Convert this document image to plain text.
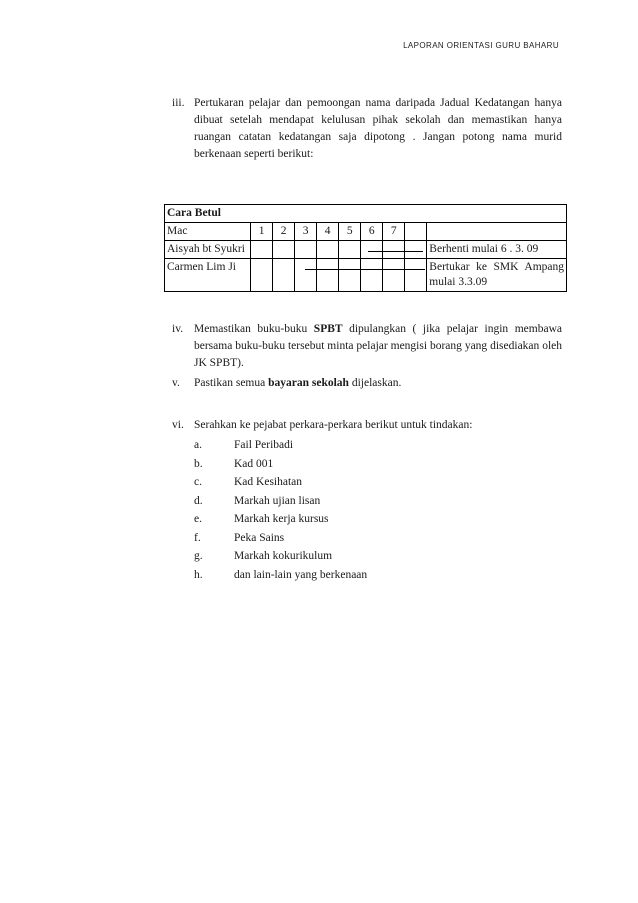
LAPORAN ORIENTASI GURU BAHARU
iii. Pertukaran pelajar dan pemoongan nama daripada Jadual Kedatangan hanya dibuat setelah mendapat kelulusan pihak sekolah dan memastikan hanya ruangan catatan kedatangan saja dipotong . Jangan potong nama murid berkenaan seperti berikut:
Cara Betul									
Mac	1	2	3	4	5	6	7		
Aisyah bt Syukri									Berhenti mulai 6 . 3. 09
Carmen Lim Ji									Bertukar ke SMK Ampang mulai 3.3.09
iv. Memastikan buku-buku SPBT dipulangkan ( jika pelajar ingin membawa bersama buku-buku tersebut minta pelajar mengisi borang yang disediakan oleh JK SPBT).
v. Pastikan semua bayaran sekolah dijelaskan.
vi. Serahkan ke pejabat perkara-perkara berikut untuk tindakan:
a.	Fail Peribadi
b.	Kad 001
c.	Kad Kesihatan
d.	Markah ujian lisan
e.	Markah kerja kursus
f.	Peka Sains
g.	Markah kokurikulum
h.	dan lain-lain yang berkenaan
